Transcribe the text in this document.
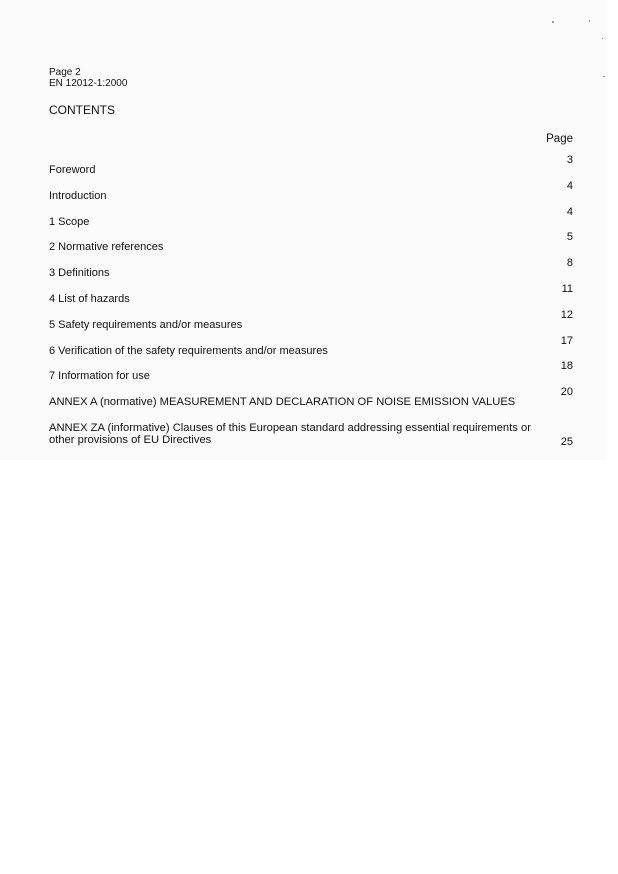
Page 2
EN 12012-1:2000
CONTENTS
Page
Foreword
3
Introduction
4
1 Scope
4
2 Normative references
5
3 Definitions
8
4 List of hazards
11
5 Safety requirements and/or measures
12
6 Verification of the safety requirements and/or measures
17
7 Information for use
18
ANNEX A (normative) MEASUREMENT AND DECLARATION OF NOISE EMISSION VALUES
20
ANNEX ZA (informative) Clauses of this European standard addressing essential requirements or other provisions of EU Directives	25
